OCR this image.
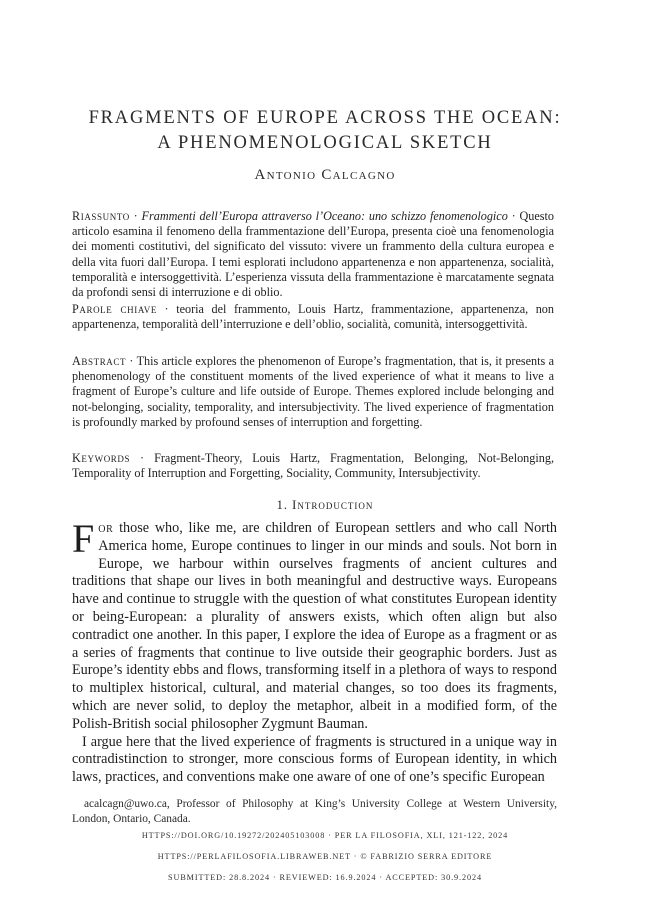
FRAGMENTS OF EUROPE ACROSS THE OCEAN:
A PHENOMENOLOGICAL SKETCH
Antonio Calcagno
Riassunto · Frammenti dell’Europa attraverso l’Oceano: uno schizzo fenomenologico · Questo articolo esamina il fenomeno della frammentazione dell’Europa, presenta cioè una fenomenologia dei momenti costitutivi, del significato del vissuto: vivere un frammento della cultura europea e della vita fuori dall’Europa. I temi esplorati includono appartenenza e non appartenenza, socialità, temporalità e intersoggettività. L’esperienza vissuta della frammentazione è marcatamente segnata da profondi sensi di interruzione e di oblio.
Parole chiave · teoria del frammento, Louis Hartz, frammentazione, appartenenza, non appartenenza, temporalità dell’interruzione e dell’oblio, socialità, comunità, intersoggettività.
Abstract · This article explores the phenomenon of Europe’s fragmentation, that is, it presents a phenomenology of the constituent moments of the lived experience of what it means to live a fragment of Europe’s culture and life outside of Europe. Themes explored include belonging and not-belonging, sociality, temporality, and intersubjectivity. The lived experience of fragmentation is profoundly marked by profound senses of interruption and forgetting.
Keywords · Fragment-Theory, Louis Hartz, Fragmentation, Belonging, Not-Belonging, Temporality of Interruption and Forgetting, Sociality, Community, Intersubjectivity.
1. Introduction

For those who, like me, are children of European settlers and who call North America home, Europe continues to linger in our minds and souls. Not born in Europe, we harbour within ourselves fragments of ancient cultures and traditions that shape our lives in both meaningful and destructive ways. Europeans have and continue to struggle with the question of what constitutes European identity or being-European: a plurality of answers exists, which often align but also contradict one another. In this paper, I explore the idea of Europe as a fragment or as a series of fragments that continue to live outside their geographic borders. Just as Europe’s identity ebbs and flows, transforming itself in a plethora of ways to respond to multiplex historical, cultural, and material changes, so too does its fragments, which are never solid, to deploy the metaphor, albeit in a modified form, of the Polish-British social philosopher Zygmunt Bauman.

I argue here that the lived experience of fragments is structured in a unique way in contradistinction to stronger, more conscious forms of European identity, in which laws, practices, and conventions make one aware of one of one’s specific European

acalcagn@uwo.ca, Professor of Philosophy at King’s University College at Western University, London, Ontario, Canada.
HTTPS://DOI.ORG/10.19272/202405103008 · PER LA FILOSOFIA, XLI, 121-122, 2024
HTTPS://PERLAFILOSOFIA.LIBRAWEB.NET · © FABRIZIO SERRA EDITORE
SUBMITTED: 28.8.2024 · REVIEWED: 16.9.2024 · ACCEPTED: 30.9.2024
